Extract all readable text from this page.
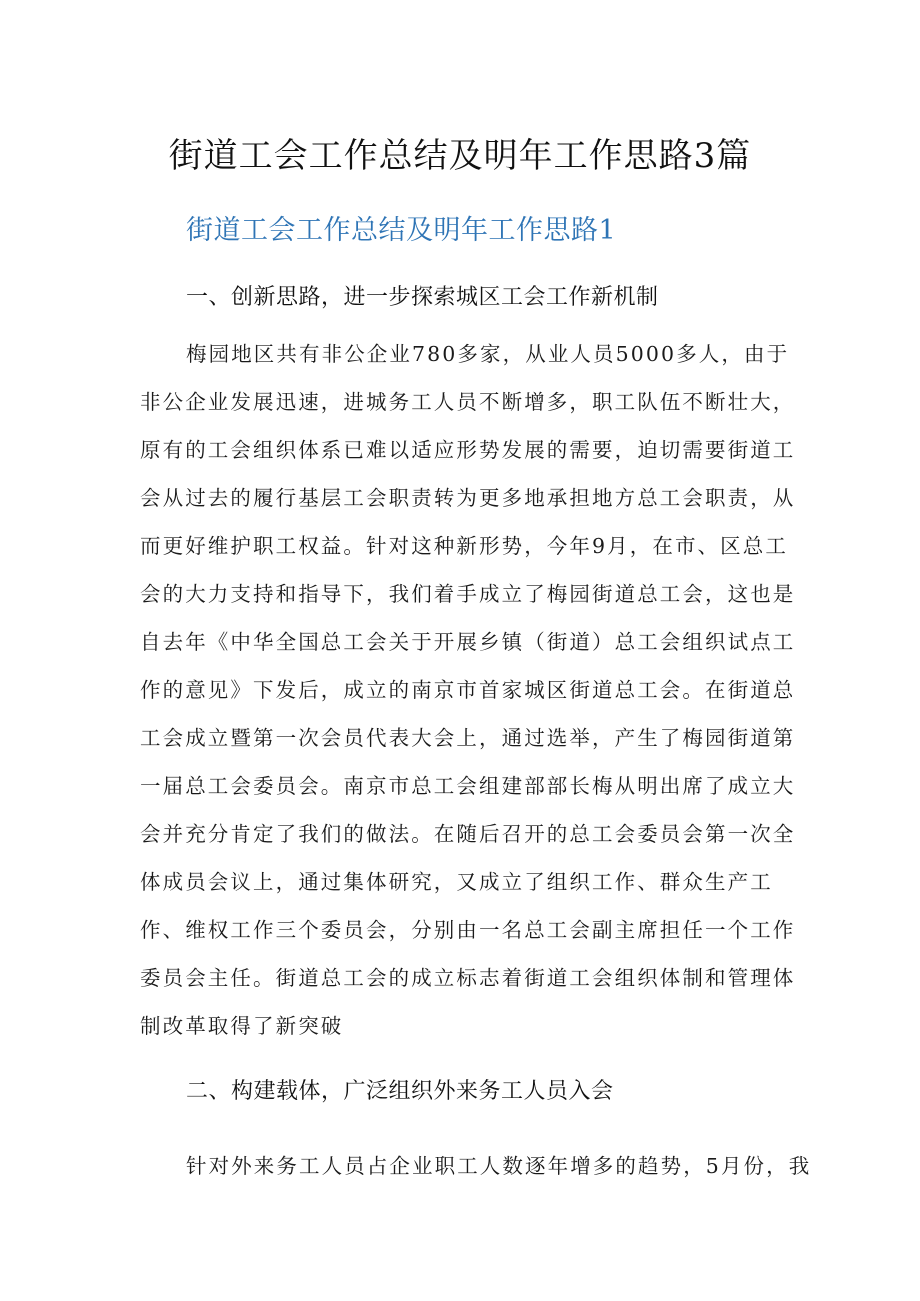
街道工会工作总结及明年工作思路3篇
街道工会工作总结及明年工作思路1

一、创新思路，进一步探索城区工会工作新机制

梅园地区共有非公企业780多家，从业人员5000多人，由于

非公企业发展迅速，进城务工人员不断增多，职工队伍不断壮大，

原有的工会组织体系已难以适应形势发展的需要，迫切需要街道工

会从过去的履行基层工会职责转为更多地承担地方总工会职责，从

而更好维护职工权益。针对这种新形势，今年9月，在市、区总工

会的大力支持和指导下，我们着手成立了梅园街道总工会，这也是

自去年《中华全国总工会关于开展乡镇（街道）总工会组织试点工

作的意见》下发后，成立的南京市首家城区街道总工会。在街道总

工会成立暨第一次会员代表大会上，通过选举，产生了梅园街道第

一届总工会委员会。南京市总工会组建部部长梅从明出席了成立大

会并充分肯定了我们的做法。在随后召开的总工会委员会第一次全

体成员会议上，通过集体研究，又成立了组织工作、群众生产工

作、维权工作三个委员会，分别由一名总工会副主席担任一个工作

委员会主任。街道总工会的成立标志着街道工会组织体制和管理体

制改革取得了新突破

二、构建载体，广泛组织外来务工人员入会

针对外来务工人员占企业职工人数逐年增多的趋势，5月份，我
